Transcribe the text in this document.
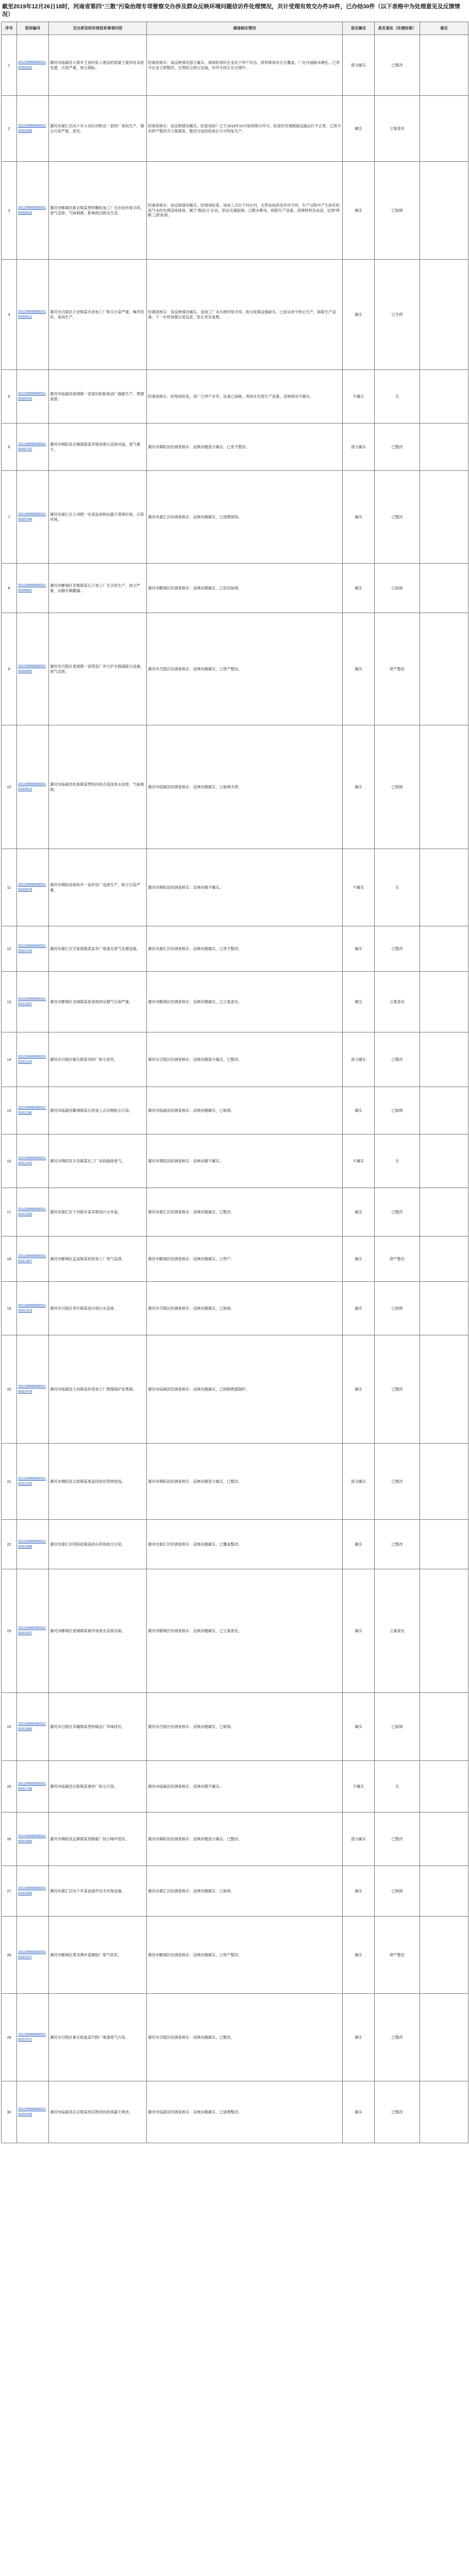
截至2019年12月26日18时，河南省第四“三散”污染治理专项督察交办涉及群众反映环境问题信访件处理情况，共计受理有效交办件30件，已办结30件（以下表格中为处理意见及反馈情况）
序号	投诉编号	交办涉及的有效投诉事项内容	调查核实情况	是否属实	是否查处（处理结果）	备注
1	201199990900010030291	漯河市临颍县大郭乡王岗村私人建设的混凝土搅拌站未批先建，污染严重，扬尘超标。	经调查核实：该反映情况部分属实。现场检查时企业处于停产状态，原料堆场未完全覆盖，厂区内道路未硬化。已责令企业立即整改，完善防尘抑尘设施，环评手续正在办理中。	部分属实	已整改	
2	201199990900010030366	漯河市源汇区问十乡大刘庄村附近一家砖厂夜间生产，烟尘污染严重，扰民。	经调查核实：该反映情况属实。经查该砖厂已于2019年10月取得排污许可，检查时发现脱硫设施运行不正常。已责令其停产整改并立案调查，整改完成经验收后方可恢复生产。	属实	立案查处	
3	201199990900010030418	漯河市郾城区新店镇某塑料颗粒加工厂无任何环保手续，废气直排，气味刺鼻，影响周边群众生活。	经调查核实：该反映情况属实。经现场检查，该加工点位于村庄内，无营业执照及环评手续，生产过程中产生的有机废气未经处理直接排放。属于“散乱污”企业，依法实施取缔，已断水断电，拆除生产设备，清理原料及成品，达到“两断三清”标准。	属实	已取缔	
4	201199990900010030512	漯河市召陵区万金镇某木材加工厂粉尘污染严重，噪声扰民，夜间生产。	经调查核实：该反映情况属实。该加工厂未办理环保手续，粉尘收集设施缺失。已依法责令停止生产，拆除生产设备。下一步将加强日常巡查，防止死灰复燃。	属实	已关停	
5	201199990900010030633	漯河市临颍县窝城镇一家废旧轮胎炼油厂偷偷生产，黑烟滚滚。	经调查核实：经现场检查，该厂已停产多年，设备已拆除，现场未发现生产迹象，反映情况不属实。	不属实	无	
6	201199990900010030701	漯河市舞阳县北舞渡镇某养殖场粪污直排河道，臭气熏天。	漯河市舞阳县经调查核实：反映问题部分属实，已责令整改。	部分属实	已整改	
7	201199990900010030764	漯河市源汇区大刘镇一处废品收购站露天焚烧垃圾，污染环境。	漯河市源汇区经调查核实：反映问题属实，已清理现场。	属实	已整改	
8	201199990900010030802	漯河市郾城区李集镇某石子加工厂无手续生产，扬尘严重，运输车辆撒漏。	漯河市郾城区经调查核实：反映问题属实，已依法取缔。	属实	已取缔	
9	201199990900010030855	漯河市召陵区老窝镇一家铸造厂冲天炉无脱硫除尘设施，废气直排。	漯河市召陵区经调查核实：反映问题属实，已停产整治。	属实	停产整治	
10	201199990900010030913	漯河市临颍县杜曲镇某塑料回收点清洗废水直排，气味难闻。	漯河市临颍县经调查核实：反映问题属实，已取缔关停。	属实	已取缔	
11	201199990900010030978	漯河市舞阳县保和乡一家砖窑厂违规生产，粉尘污染严重。	漯河市舞阳县经调查核实：反映问题不属实。	不属实	无	
12	201199990900010031025	漯河市源汇区空冢郭镇某家具厂喷漆无废气处理设施。	漯河市源汇区经调查核实：反映问题属实，已责令整改。	属实	已整改	
13	201199990900010031087	漯河市郾城区龙城镇某沥青搅拌站烟气污染严重。	漯河市郾城区经调查核实：反映问题属实，已立案查处。	属实	立案查处	
14	201199990900010031134	漯河市召陵区姬石镇某饲料厂粉尘扰民。	漯河市召陵区经调查核实：反映问题部分属实，已整改。	部分属实	已整改	
15	201199990900010031196	漯河市临颍县繁城镇某石材加工点切割粉尘污染。	漯河市临颍县经调查核实：反映问题属实，已取缔。	属实	已取缔	
16	201199990900010031242	漯河市舞阳县辛安镇某化工厂夜间偷排废气。	漯河市舞阳县经调查核实：反映问题不属实。	不属实	无	
17	201199990900010031305	漯河市源汇区干河陈乡某养猪场污水外溢。	漯河市源汇区经调查核实：反映问题属实，已整改。	属实	已整改	
18	201199990900010031367	漯河市郾城区孟庙镇某铝材加工厂废气直排。	漯河市郾城区经调查核实：反映问题属实，已停产。	属实	停产整治	
19	201199990900010031419	漯河市召陵区青年镇某洗沙场污水直排。	漯河市召陵区经调查核实：反映问题属实，已取缔。	属实	已取缔	
20	201199990900010031478	漯河市临颍县王岗镇某炒货加工厂燃煤锅炉冒黑烟。	漯河市临颍县经调查核实：反映问题属实，已拆除燃煤锅炉。	属实	已整改	
21	201199990900010031526	漯河市舞阳县太尉镇某废品回收站焚烧电线。	漯河市舞阳县经调查核实：反映问题部分属实，已整改。	部分属实	已整改	
22	201199990900010031589	漯河市源汇区阴阳赵镇某砂石料场扬尘污染。	漯河市源汇区经调查核实：反映问题属实，已覆盖整改。	属实	已整改	
23	201199990900010031637	漯河市郾城区裴城镇某屠宰场废水直排沟渠。	漯河市郾城区经调查核实：反映问题属实，已立案查处。	属实	立案查处	
24	201199990900010031695	漯河市召陵区邓襄镇某塑料制品厂异味扰民。	漯河市召陵区经调查核实：反映问题属实，已取缔。	属实	已取缔	
25	201199990900010031748	漯河市临颍县台陈镇某建材厂粉尘污染。	漯河市临颍县经调查核实：反映问题不属实。	不属实	无	
26	201199990900010031806	漯河市舞阳县孟寨镇某预制板厂扬尘噪声扰民。	漯河市舞阳县经调查核实：反映问题部分属实，已整改。	部分属实	已整改	
27	201199990900010031859	漯河市源汇区问十乡某油漆作坊无环保设施。	漯河市源汇区经调查核实：反映问题属实，已取缔。	属实	已取缔	
28	201199990900010031917	漯河市郾城区黑龙潭乡某橡胶厂废气扰民。	漯河市郾城区经调查核实：反映问题属实，已停产整改。	属实	停产整治	
29	201199990900010031972	漯河市召陵区翟庄街道某汽修厂喷漆废气污染。	漯河市召陵区经调查核实：反映问题属实，已整改。	属实	已整改	
30	201199990900010032028	漯河市临颍县瓦店镇某废旧物资回收场露天堆放。	漯河市临颍县经调查核实：反映问题属实，已清理整改。	属实	已整改	
